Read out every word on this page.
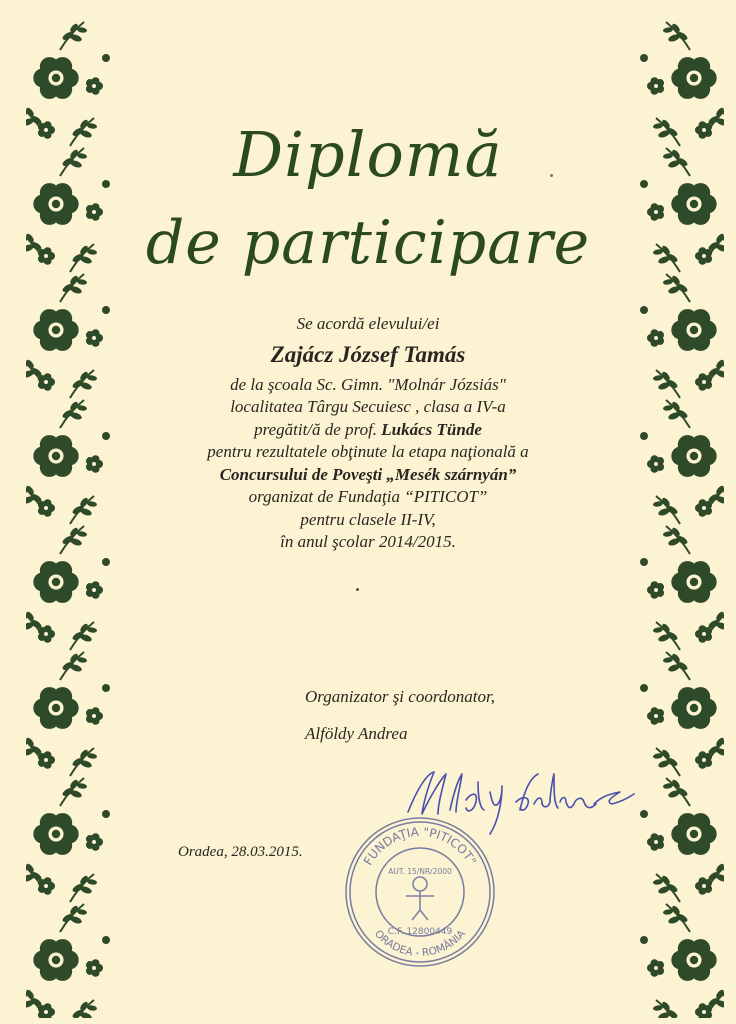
Diplomă
de participare
Se acordă elevului/ei
Zajácz József Tamás
de la şcoala Sc. Gimn. "Molnár Józsiás"
localitatea Târgu Secuiesc , clasa a IV-a
pregătit/ă de prof. Lukács Tünde
pentru rezultatele obţinute la etapa naţională a
Concursului de Poveşti „Mesék szárnyán”
organizat de Fundaţia “PITICOT”
pentru clasele II-IV,
în anul şcolar 2014/2015.
Organizator şi coordonator,
Alföldy Andrea
Oradea, 28.03.2015.
FUNDAŢIA "PITICOT"
ORADEA - ROMÂNIA
AUT. 15/NR/2000
C.F. 12800449
